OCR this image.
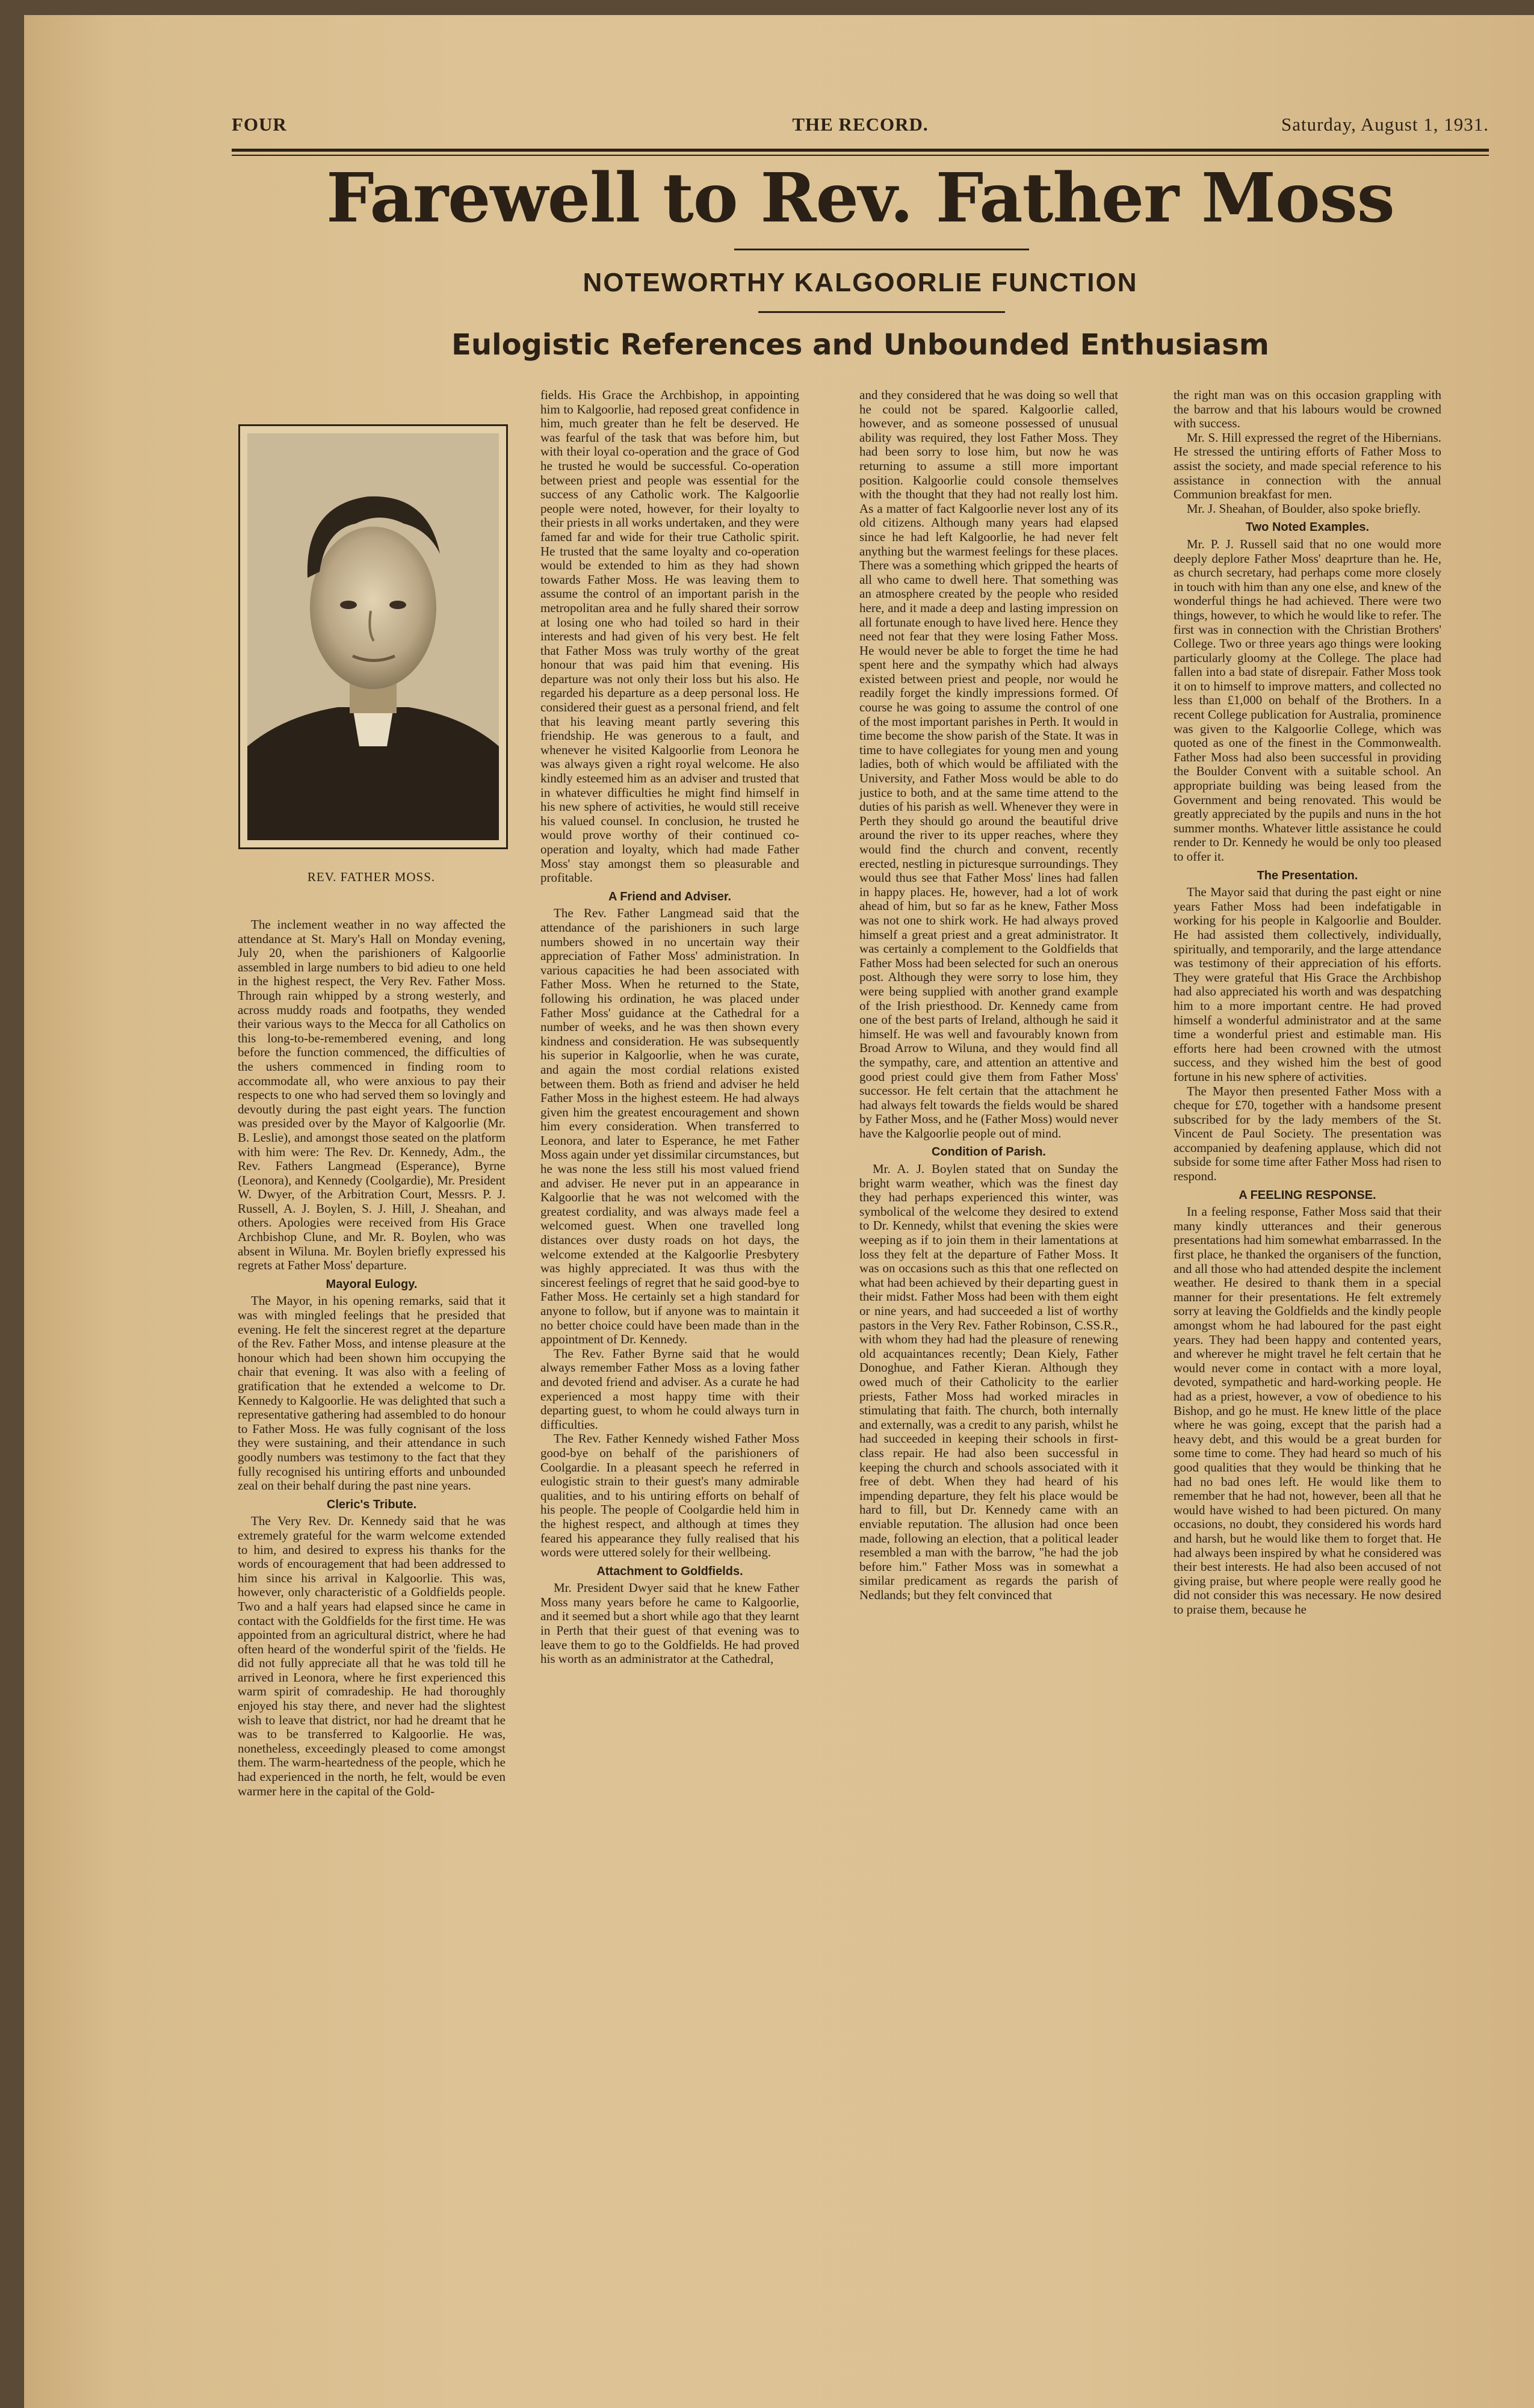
FOUR	THE RECORD.	Saturday, August 1, 1931.
Farewell to Rev. Father Moss
NOTEWORTHY KALGOORLIE FUNCTION
Eulogistic References and Unbounded Enthusiasm
REV. FATHER MOSS.

The inclement weather in no way affected the attendance at St. Mary's Hall on Monday evening, July 20, when the parishioners of Kalgoorlie assembled in large numbers to bid adieu to one held in the highest respect, the Very Rev. Father Moss. Through rain whipped by a strong westerly, and across muddy roads and footpaths, they wended their various ways to the Mecca for all Catholics on this long-to-be-remembered evening, and long before the function commenced, the difficulties of the ushers commenced in finding room to accommodate all, who were anxious to pay their respects to one who had served them so lovingly and devoutly during the past eight years. The function was presided over by the Mayor of Kalgoorlie (Mr. B. Leslie), and amongst those seated on the platform with him were: The Rev. Dr. Kennedy, Adm., the Rev. Fathers Langmead (Esperance), Byrne (Leonora), and Kennedy (Coolgardie), Mr. President W. Dwyer, of the Arbitration Court, Messrs. P. J. Russell, A. J. Boylen, S. J. Hill, J. Sheahan, and others. Apologies were received from His Grace Archbishop Clune, and Mr. R. Boylen, who was absent in Wiluna. Mr. Boylen briefly expressed his regrets at Father Moss' departure.

Mayoral Eulogy.

The Mayor, in his opening remarks, said that it was with mingled feelings that he presided that evening. He felt the sincerest regret at the departure of the Rev. Father Moss, and intense pleasure at the honour which had been shown him occupying the chair that evening. It was also with a feeling of gratification that he extended a welcome to Dr. Kennedy to Kalgoorlie. He was delighted that such a representative gathering had assembled to do honour to Father Moss. He was fully cognisant of the loss they were sustaining, and their attendance in such goodly numbers was testimony to the fact that they fully recognised his untiring efforts and unbounded zeal on their behalf during the past nine years.

Cleric's Tribute.

The Very Rev. Dr. Kennedy said that he was extremely grateful for the warm welcome extended to him, and desired to express his thanks for the words of encouragement that had been addressed to him since his arrival in Kalgoorlie. This was, however, only characteristic of a Goldfields people. Two and a half years had elapsed since he came in contact with the Goldfields for the first time. He was appointed from an agricultural district, where he had often heard of the wonderful spirit of the 'fields. He did not fully appreciate all that he was told till he arrived in Leonora, where he first experienced this warm spirit of comradeship. He had thoroughly enjoyed his stay there, and never had the slightest wish to leave that district, nor had he dreamt that he was to be transferred to Kalgoorlie. He was, nonetheless, exceedingly pleased to come amongst them. The warm-heartedness of the people, which he had experienced in the north, he felt, would be even warmer here in the capital of the Gold-

fields. His Grace the Archbishop, in appointing him to Kalgoorlie, had reposed great confidence in him, much greater than he felt be deserved. He was fearful of the task that was before him, but with their loyal co-operation and the grace of God he trusted he would be successful. Co-operation between priest and people was essential for the success of any Catholic work. The Kalgoorlie people were noted, however, for their loyalty to their priests in all works undertaken, and they were famed far and wide for their true Catholic spirit. He trusted that the same loyalty and co-operation would be extended to him as they had shown towards Father Moss. He was leaving them to assume the control of an important parish in the metropolitan area and he fully shared their sorrow at losing one who had toiled so hard in their interests and had given of his very best. He felt that Father Moss was truly worthy of the great honour that was paid him that evening. His departure was not only their loss but his also. He regarded his departure as a deep personal loss. He considered their guest as a personal friend, and felt that his leaving meant partly severing this friendship. He was generous to a fault, and whenever he visited Kalgoorlie from Leonora he was always given a right royal welcome. He also kindly esteemed him as an adviser and trusted that in whatever difficulties he might find himself in his new sphere of activities, he would still receive his valued counsel. In conclusion, he trusted he would prove worthy of their continued co-operation and loyalty, which had made Father Moss' stay amongst them so pleasurable and profitable.

A Friend and Adviser.

The Rev. Father Langmead said that the attendance of the parishioners in such large numbers showed in no uncertain way their appreciation of Father Moss' administration. In various capacities he had been associated with Father Moss. When he returned to the State, following his ordination, he was placed under Father Moss' guidance at the Cathedral for a number of weeks, and he was then shown every kindness and consideration. He was subsequently his superior in Kalgoorlie, when he was curate, and again the most cordial relations existed between them. Both as friend and adviser he held Father Moss in the highest esteem. He had always given him the greatest encouragement and shown him every consideration. When transferred to Leonora, and later to Esperance, he met Father Moss again under yet dissimilar circumstances, but he was none the less still his most valued friend and adviser. He never put in an appearance in Kalgoorlie that he was not welcomed with the greatest cordiality, and was always made feel a welcomed guest. When one travelled long distances over dusty roads on hot days, the welcome extended at the Kalgoorlie Presbytery was highly appreciated. It was thus with the sincerest feelings of regret that he said good-bye to Father Moss. He certainly set a high standard for anyone to follow, but if anyone was to maintain it no better choice could have been made than in the appointment of Dr. Kennedy.

The Rev. Father Byrne said that he would always remember Father Moss as a loving father and devoted friend and adviser. As a curate he had experienced a most happy time with their departing guest, to whom he could always turn in difficulties.

The Rev. Father Kennedy wished Father Moss good-bye on behalf of the parishioners of Coolgardie. In a pleasant speech he referred in eulogistic strain to their guest's many admirable qualities, and to his untiring efforts on behalf of his people. The people of Coolgardie held him in the highest respect, and although at times they feared his appearance they fully realised that his words were uttered solely for their wellbeing.

Attachment to Goldfields.

Mr. President Dwyer said that he knew Father Moss many years before he came to Kalgoorlie, and it seemed but a short while ago that they learnt in Perth that their guest of that evening was to leave them to go to the Goldfields. He had proved his worth as an administrator at the Cathedral,

and they considered that he was doing so well that he could not be spared. Kalgoorlie called, however, and as someone possessed of unusual ability was required, they lost Father Moss. They had been sorry to lose him, but now he was returning to assume a still more important position. Kalgoorlie could console themselves with the thought that they had not really lost him. As a matter of fact Kalgoorlie never lost any of its old citizens. Although many years had elapsed since he had left Kalgoorlie, he had never felt anything but the warmest feelings for these places. There was a something which gripped the hearts of all who came to dwell here. That something was an atmosphere created by the people who resided here, and it made a deep and lasting impression on all fortunate enough to have lived here. Hence they need not fear that they were losing Father Moss. He would never be able to forget the time he had spent here and the sympathy which had always existed between priest and people, nor would he readily forget the kindly impressions formed. Of course he was going to assume the control of one of the most important parishes in Perth. It would in time become the show parish of the State. It was in time to have collegiates for young men and young ladies, both of which would be affiliated with the University, and Father Moss would be able to do justice to both, and at the same time attend to the duties of his parish as well. Whenever they were in Perth they should go around the beautiful drive around the river to its upper reaches, where they would find the church and convent, recently erected, nestling in picturesque surroundings. They would thus see that Father Moss' lines had fallen in happy places. He, however, had a lot of work ahead of him, but so far as he knew, Father Moss was not one to shirk work. He had always proved himself a great priest and a great administrator. It was certainly a complement to the Goldfields that Father Moss had been selected for such an onerous post. Although they were sorry to lose him, they were being supplied with another grand example of the Irish priesthood. Dr. Kennedy came from one of the best parts of Ireland, although he said it himself. He was well and favourably known from Broad Arrow to Wiluna, and they would find all the sympathy, care, and attention an attentive and good priest could give them from Father Moss' successor. He felt certain that the attachment he had always felt towards the fields would be shared by Father Moss, and he (Father Moss) would never have the Kalgoorlie people out of mind.

Condition of Parish.

Mr. A. J. Boylen stated that on Sunday the bright warm weather, which was the finest day they had perhaps experienced this winter, was symbolical of the welcome they desired to extend to Dr. Kennedy, whilst that evening the skies were weeping as if to join them in their lamentations at loss they felt at the departure of Father Moss. It was on occasions such as this that one reflected on what had been achieved by their departing guest in their midst. Father Moss had been with them eight or nine years, and had succeeded a list of worthy pastors in the Very Rev. Father Robinson, C.SS.R., with whom they had had the pleasure of renewing old acquaintances recently; Dean Kiely, Father Donoghue, and Father Kieran. Although they owed much of their Catholicity to the earlier priests, Father Moss had worked miracles in stimulating that faith. The church, both internally and externally, was a credit to any parish, whilst he had succeeded in keeping their schools in first-class repair. He had also been successful in keeping the church and schools associated with it free of debt. When they had heard of his impending departure, they felt his place would be hard to fill, but Dr. Kennedy came with an enviable reputation. The allusion had once been made, following an election, that a political leader resembled a man with the barrow, "he had the job before him." Father Moss was in somewhat a similar predicament as regards the parish of Nedlands; but they felt convinced that

the right man was on this occasion grappling with the barrow and that his labours would be crowned with success.

Mr. S. Hill expressed the regret of the Hibernians. He stressed the untiring efforts of Father Moss to assist the society, and made special reference to his assistance in connection with the annual Communion breakfast for men.

Mr. J. Sheahan, of Boulder, also spoke briefly.

Two Noted Examples.

Mr. P. J. Russell said that no one would more deeply deplore Father Moss' deaprture than he. He, as church secretary, had perhaps come more closely in touch with him than any one else, and knew of the wonderful things he had achieved. There were two things, however, to which he would like to refer. The first was in connection with the Christian Brothers' College. Two or three years ago things were looking particularly gloomy at the College. The place had fallen into a bad state of disrepair. Father Moss took it on to himself to improve matters, and collected no less than £1,000 on behalf of the Brothers. In a recent College publication for Australia, prominence was given to the Kalgoorlie College, which was quoted as one of the finest in the Commonwealth. Father Moss had also been successful in providing the Boulder Convent with a suitable school. An appropriate building was being leased from the Government and being renovated. This would be greatly appreciated by the pupils and nuns in the hot summer months. Whatever little assistance he could render to Dr. Kennedy he would be only too pleased to offer it.

The Presentation.

The Mayor said that during the past eight or nine years Father Moss had been indefatigable in working for his people in Kalgoorlie and Boulder. He had assisted them collectively, individually, spiritually, and temporarily, and the large attendance was testimony of their appreciation of his efforts. They were grateful that His Grace the Archbishop had also appreciated his worth and was despatching him to a more important centre. He had proved himself a wonderful administrator and at the same time a wonderful priest and estimable man. His efforts here had been crowned with the utmost success, and they wished him the best of good fortune in his new sphere of activities.

The Mayor then presented Father Moss with a cheque for £70, together with a handsome present subscribed for by the lady members of the St. Vincent de Paul Society. The presentation was accompanied by deafening applause, which did not subside for some time after Father Moss had risen to respond.

A FEELING RESPONSE.

In a feeling response, Father Moss said that their many kindly utterances and their generous presentations had him somewhat embarrassed. In the first place, he thanked the organisers of the function, and all those who had attended despite the inclement weather. He desired to thank them in a special manner for their presentations. He felt extremely sorry at leaving the Goldfields and the kindly people amongst whom he had laboured for the past eight years. They had been happy and contented years, and wherever he might travel he felt certain that he would never come in contact with a more loyal, devoted, sympathetic and hard-working people. He had as a priest, however, a vow of obedience to his Bishop, and go he must. He knew little of the place where he was going, except that the parish had a heavy debt, and this would be a great burden for some time to come. They had heard so much of his good qualities that they would be thinking that he had no bad ones left. He would like them to remember that he had not, however, been all that he would have wished to had been pictured. On many occasions, no doubt, they considered his words hard and harsh, but he would like them to forget that. He had always been inspired by what he considered was their best interests. He had also been accused of not giving praise, but where people were really good he did not consider this was necessary. He now desired to praise them, because he
